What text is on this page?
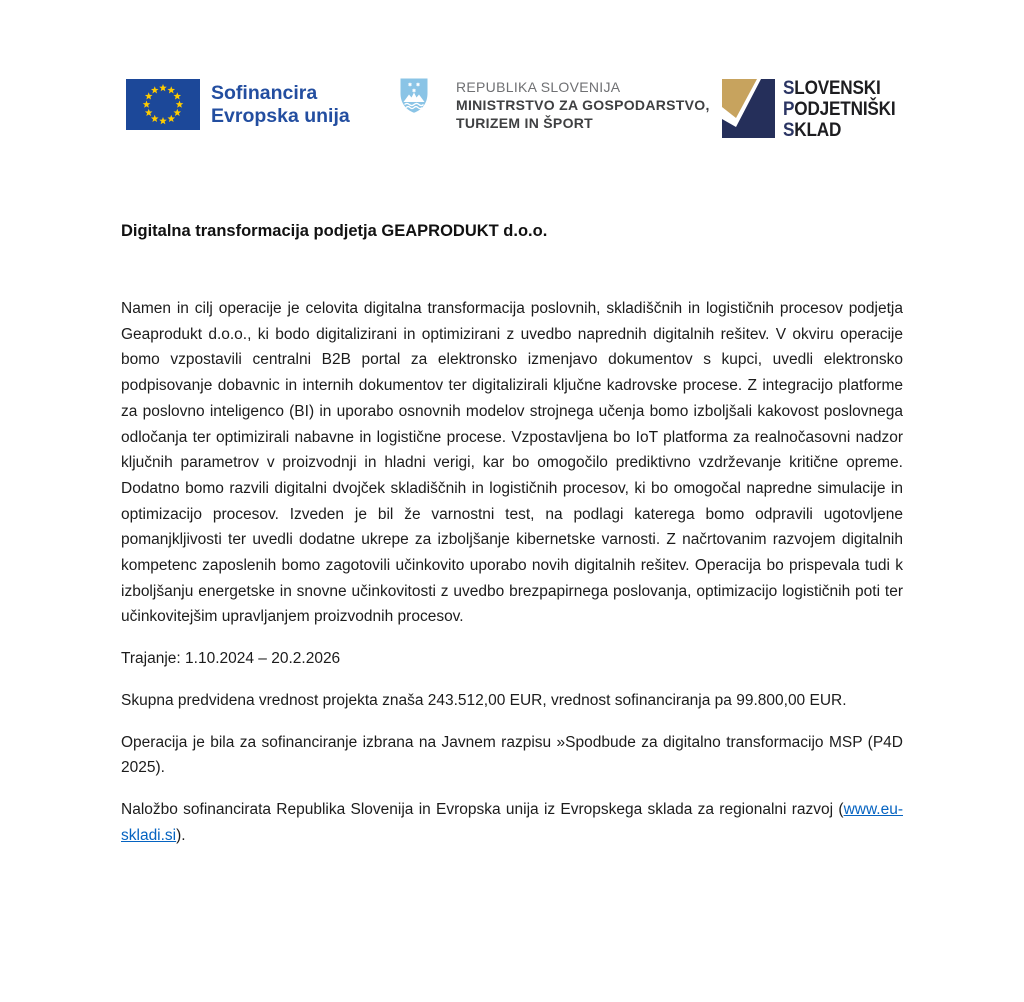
Sofinancira
Evropska unija
REPUBLIKA SLOVENIJA
MINISTRSTVO ZA GOSPODARSTVO,
TURIZEM IN ŠPORT
SLOVENSKI
PODJETNIŠKI
SKLAD
Digitalna transformacija podjetja GEAPRODUKT d.o.o.

Namen in cilj operacije je celovita digitalna transformacija poslovnih, skladiščnih in logističnih procesov podjetja Geaprodukt d.o.o., ki bodo digitalizirani in optimizirani z uvedbo naprednih digitalnih rešitev. V okviru operacije bomo vzpostavili centralni B2B portal za elektronsko izmenjavo dokumentov s kupci, uvedli elektronsko podpisovanje dobavnic in internih dokumentov ter digitalizirali ključne kadrovske procese. Z integracijo platforme za poslovno inteligenco (BI) in uporabo osnovnih modelov strojnega učenja bomo izboljšali kakovost poslovnega odločanja ter optimizirali nabavne in logistične procese. Vzpostavljena bo IoT platforma za realnočasovni nadzor ključnih parametrov v proizvodnji in hladni verigi, kar bo omogočilo prediktivno vzdrževanje kritične opreme. Dodatno bomo razvili digitalni dvojček skladiščnih in logističnih procesov, ki bo omogočal napredne simulacije in optimizacijo procesov. Izveden je bil že varnostni test, na podlagi katerega bomo odpravili ugotovljene pomanjkljivosti ter uvedli dodatne ukrepe za izboljšanje kibernetske varnosti. Z načrtovanim razvojem digitalnih kompetenc zaposlenih bomo zagotovili učinkovito uporabo novih digitalnih rešitev. Operacija bo prispevala tudi k izboljšanju energetske in snovne učinkovitosti z uvedbo brezpapirnega poslovanja, optimizacijo logističnih poti ter učinkovitejšim upravljanjem proizvodnih procesov.

Trajanje: 1.10.2024 – 20.2.2026

Skupna predvidena vrednost projekta znaša 243.512,00 EUR, vrednost sofinanciranja pa 99.800,00 EUR.

Operacija je bila za sofinanciranje izbrana na Javnem razpisu »Spodbude za digitalno transformacijo MSP (P4D 2025).

Naložbo sofinancirata Republika Slovenija in Evropska unija iz Evropskega sklada za regionalni razvoj (www.eu-skladi.si).
